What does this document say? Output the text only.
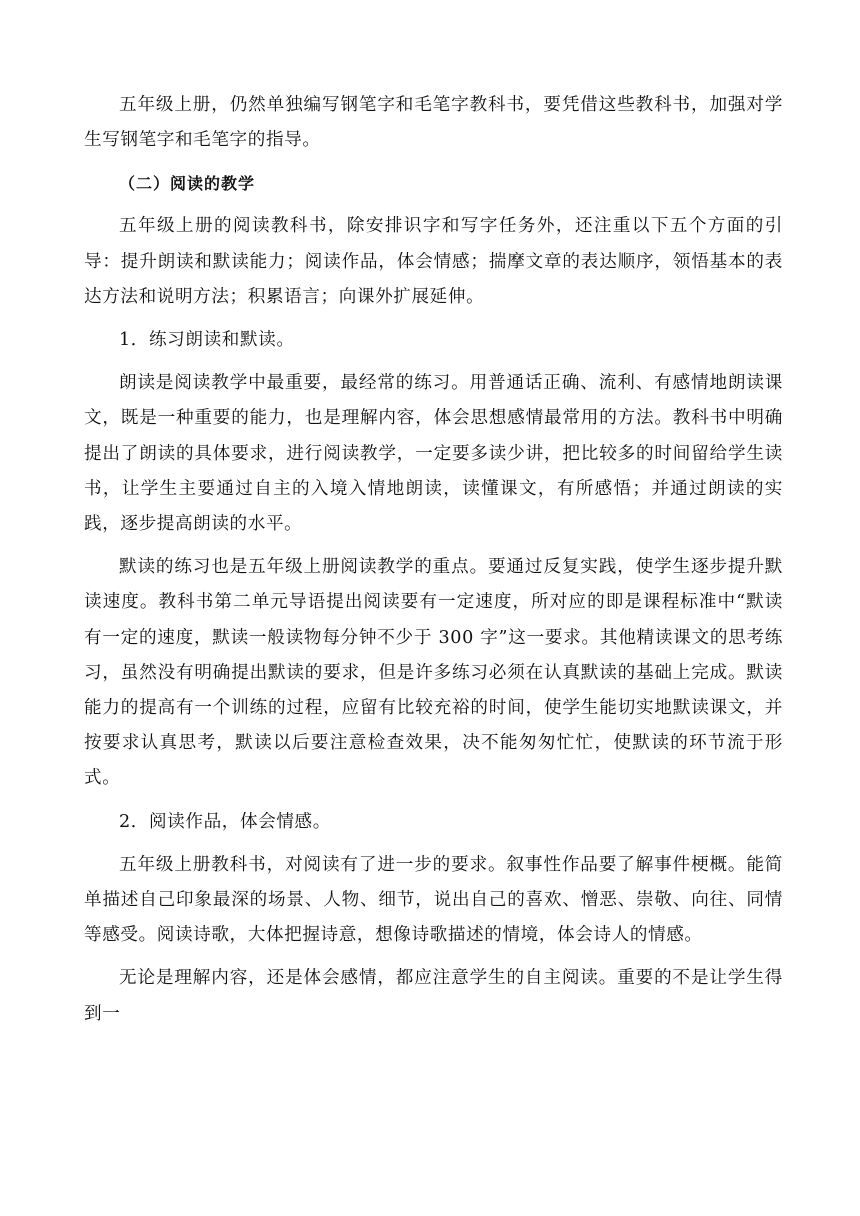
五年级上册，仍然单独编写钢笔字和毛笔字教科书，要凭借这些教科书，加强对学生写钢笔字和毛笔字的指导。

（二）阅读的教学

五年级上册的阅读教科书，除安排识字和写字任务外，还注重以下五个方面的引导：提升朗读和默读能力；阅读作品，体会情感；揣摩文章的表达顺序，领悟基本的表达方法和说明方法；积累语言；向课外扩展延伸。

1．练习朗读和默读。

朗读是阅读教学中最重要，最经常的练习。用普通话正确、流利、有感情地朗读课文，既是一种重要的能力，也是理解内容，体会思想感情最常用的方法。教科书中明确提出了朗读的具体要求，进行阅读教学，一定要多读少讲，把比较多的时间留给学生读书，让学生主要通过自主的入境入情地朗读，读懂课文，有所感悟；并通过朗读的实践，逐步提高朗读的水平。

默读的练习也是五年级上册阅读教学的重点。要通过反复实践，使学生逐步提升默读速度。教科书第二单元导语提出阅读要有一定速度，所对应的即是课程标准中“默读有一定的速度，默读一般读物每分钟不少于 300 字”这一要求。其他精读课文的思考练习，虽然没有明确提出默读的要求，但是许多练习必须在认真默读的基础上完成。默读能力的提高有一个训练的过程，应留有比较充裕的时间，使学生能切实地默读课文，并按要求认真思考，默读以后要注意检查效果，决不能匆匆忙忙，使默读的环节流于形式。

2．阅读作品，体会情感。

五年级上册教科书，对阅读有了进一步的要求。叙事性作品要了解事件梗概。能简单描述自己印象最深的场景、人物、细节，说出自己的喜欢、憎恶、崇敬、向往、同情等感受。阅读诗歌，大体把握诗意，想像诗歌描述的情境，体会诗人的情感。

无论是理解内容，还是体会感情，都应注意学生的自主阅读。重要的不是让学生得到一
